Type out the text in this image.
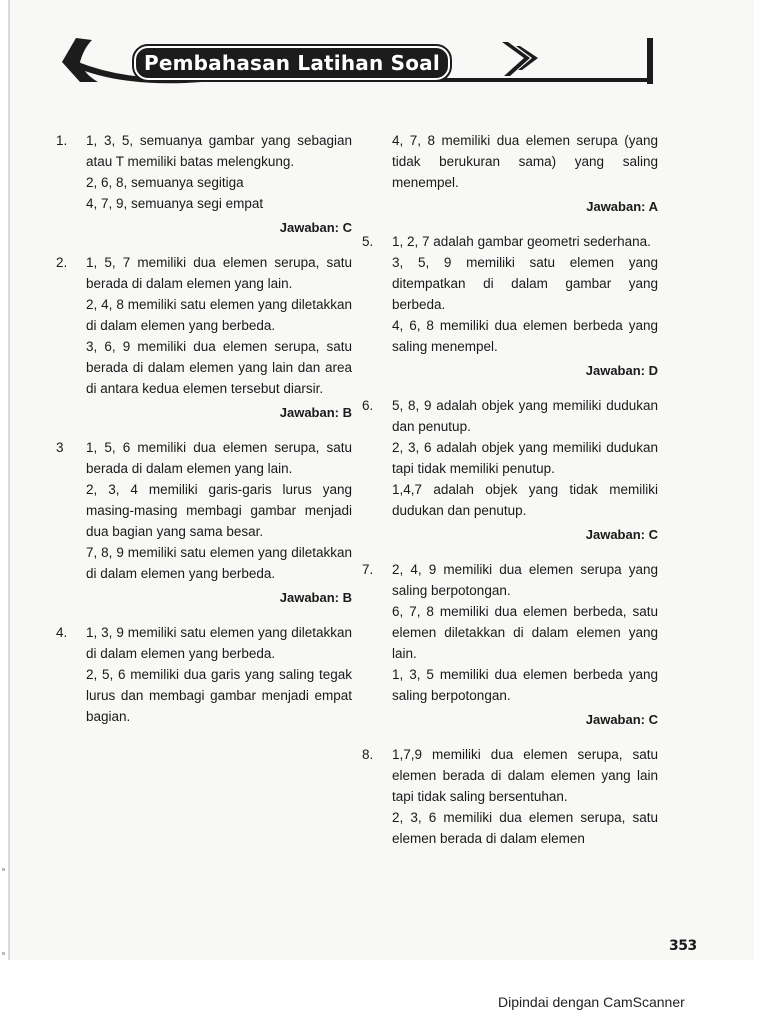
Pembahasan Latihan Soal
1.	1, 3, 5, semuanya gambar yang sebagian atau T memiliki batas melengkung.

2, 6, 8, semuanya segitiga

4, 7, 9, semuanya segi empat

Jawaban: C
2.	1, 5, 7 memiliki dua elemen serupa, satu berada di dalam elemen yang lain.

2, 4, 8 memiliki satu elemen yang diletakkan di dalam elemen yang berbeda.

3, 6, 9 memiliki dua elemen serupa, satu berada di dalam elemen yang lain dan area di antara kedua elemen tersebut diarsir.

Jawaban: B
3	1, 5, 6 memiliki dua elemen serupa, satu berada di dalam elemen yang lain.

2, 3, 4 memiliki garis-garis lurus yang masing-masing membagi gambar menjadi dua bagian yang sama besar.

7, 8, 9 memiliki satu elemen yang diletakkan di dalam elemen yang berbeda.

Jawaban: B
4.	1, 3, 9 memiliki satu elemen yang diletakkan di dalam elemen yang berbeda.

2, 5, 6 memiliki dua garis yang saling tegak lurus dan membagi gambar menjadi empat bagian.

4, 7, 8 memiliki dua elemen serupa (yang tidak berukuran sama) yang saling menempel.

Jawaban: A
5.	1, 2, 7 adalah gambar geometri sederhana.

3, 5, 9 memiliki satu elemen yang ditempatkan di dalam gambar yang berbeda.

4, 6, 8 memiliki dua elemen berbeda yang saling menempel.

Jawaban: D
6.	5, 8, 9 adalah objek yang memiliki dudukan dan penutup.

2, 3, 6 adalah objek yang memiliki dudukan tapi tidak memiliki penutup.

1,4,7 adalah objek yang tidak memiliki dudukan dan penutup.

Jawaban: C
7.	2, 4, 9 memiliki dua elemen serupa yang saling berpotongan.

6, 7, 8 memiliki dua elemen berbeda, satu elemen diletakkan di dalam elemen yang lain.

1, 3, 5 memiliki dua elemen berbeda yang saling berpotongan.

Jawaban: C
8.	1,7,9 memiliki dua elemen serupa, satu elemen berada di dalam elemen yang lain tapi tidak saling bersentuhan.

2, 3, 6 memiliki dua elemen serupa, satu elemen berada di dalam elemen

353
Dipindai dengan CamScanner
